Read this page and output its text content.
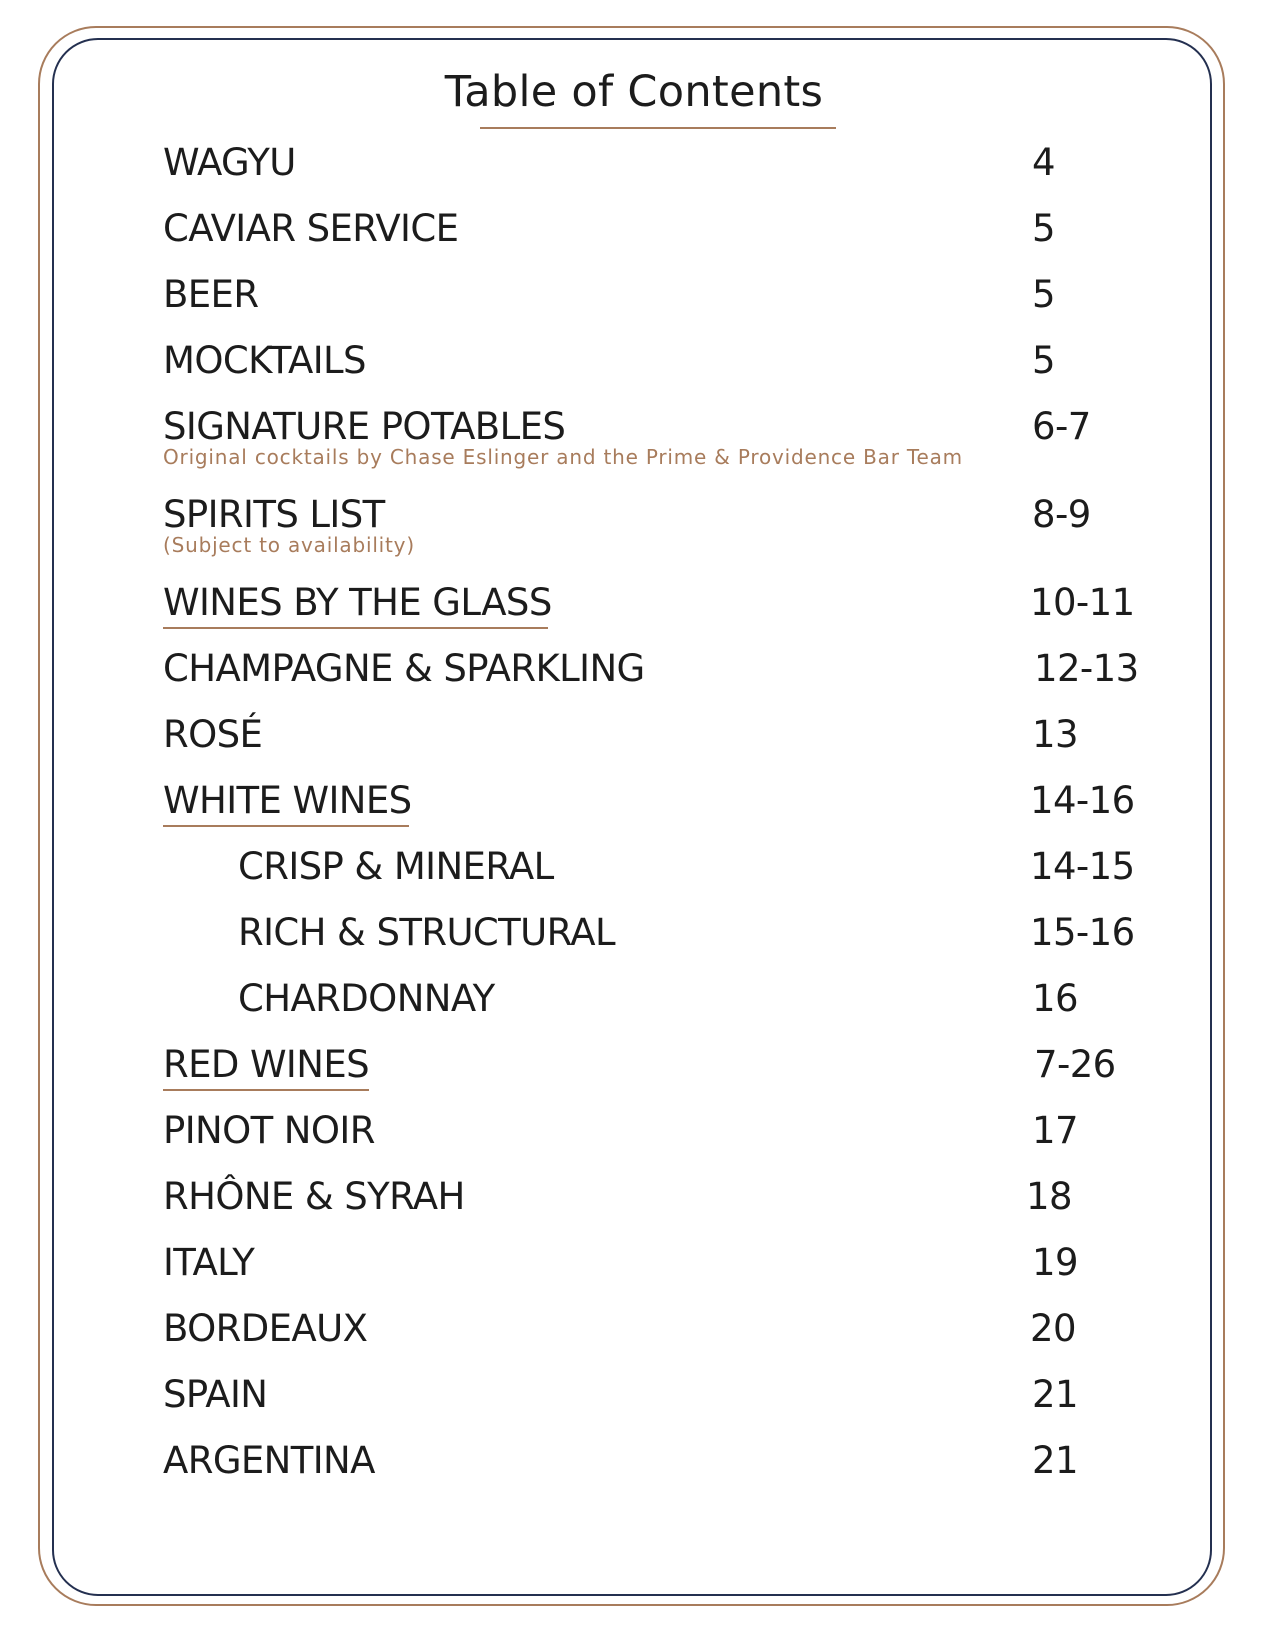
Table of Contents
WAGYU	4
CAVIAR SERVICE	5
BEER	5
MOCKTAILS	5
SIGNATURE POTABLES	6-7
Original cocktails by Chase Eslinger and the Prime & Providence Bar Team
SPIRITS LIST	8-9
(Subject to availability)
WINES BY THE GLASS	10-11
CHAMPAGNE & SPARKLING	12-13
ROSÉ	13
WHITE WINES	14-16
CRISP & MINERAL	14-15
RICH & STRUCTURAL	15-16
CHARDONNAY	16
RED WINES	7-26
PINOT NOIR	17
RHÔNE & SYRAH	18
ITALY	19
BORDEAUX	20
SPAIN	21
ARGENTINA	21
